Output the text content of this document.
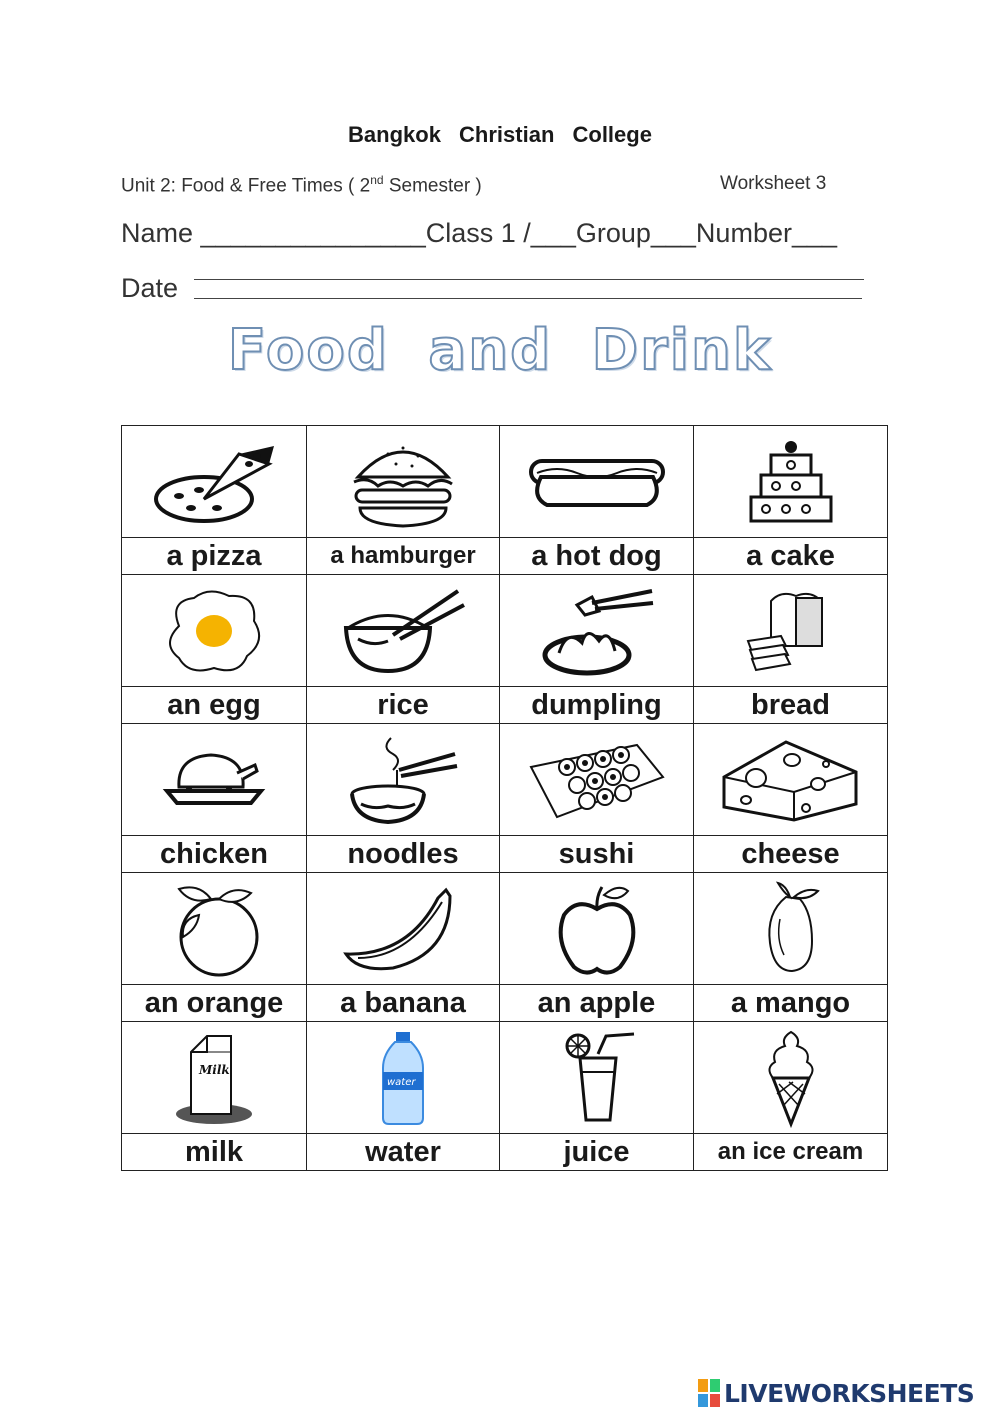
Bangkok Christian College
Unit 2: Food & Free Times ( 2nd Semester )	Worksheet 3
Name _______________Class 1 /___Group___Number___
Date
Food and Drink

a pizza	a hamburger	a hot dog	a cake

an egg	rice	dumpling	bread

chicken	noodles	sushi	cheese

an orange	a banana	an apple	a mango

Milk	water

milk	water	juice	an ice cream
LIVEWORKSHEETS
